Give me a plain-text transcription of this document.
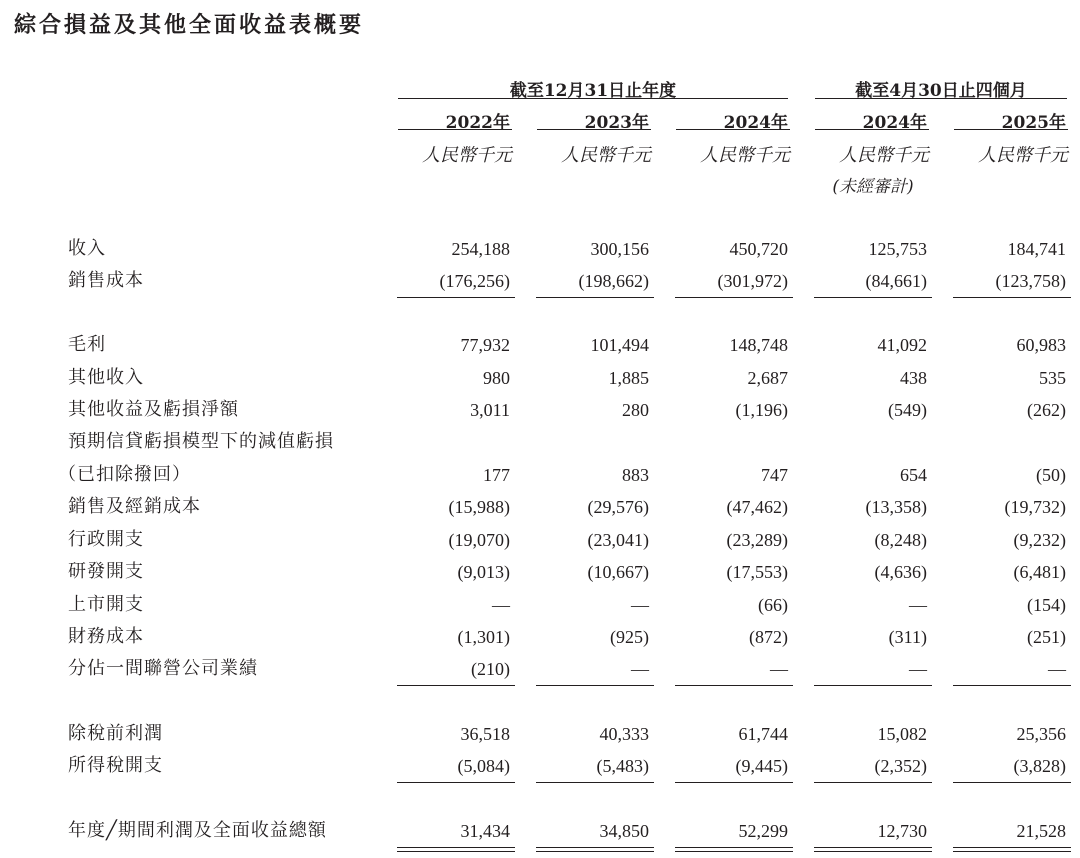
綜合損益及其他全面收益表概要
截至12月31日止年度	截至4月30日止四個月
2022年	2023年	2024年	2024年	2025年
人民幣千元	人民幣千元	人民幣千元	人民幣千元	人民幣千元
(未經審計)
收入	254,188	300,156	450,720	125,753	184,741
銷售成本	(176,256)	(198,662)	(301,972)	(84,661)	(123,758)
毛利	77,932	101,494	148,748	41,092	60,983
其他收入	980	1,885	2,687	438	535
其他收益及虧損淨額	3,011	280	(1,196)	(549)	(262)
預期信貸虧損模型下的減值虧損
（已扣除撥回）	177	883	747	654	(50)
銷售及經銷成本	(15,988)	(29,576)	(47,462)	(13,358)	(19,732)
行政開支	(19,070)	(23,041)	(23,289)	(8,248)	(9,232)
研發開支	(9,013)	(10,667)	(17,553)	(4,636)	(6,481)
上市開支	—	—	(66)	—	(154)
財務成本	(1,301)	(925)	(872)	(311)	(251)
分佔一間聯營公司業績	(210)	—	—	—	—
除稅前利潤	36,518	40,333	61,744	15,082	25,356
所得稅開支	(5,084)	(5,483)	(9,445)	(2,352)	(3,828)
年度╱期間利潤及全面收益總額	31,434	34,850	52,299	12,730	21,528
